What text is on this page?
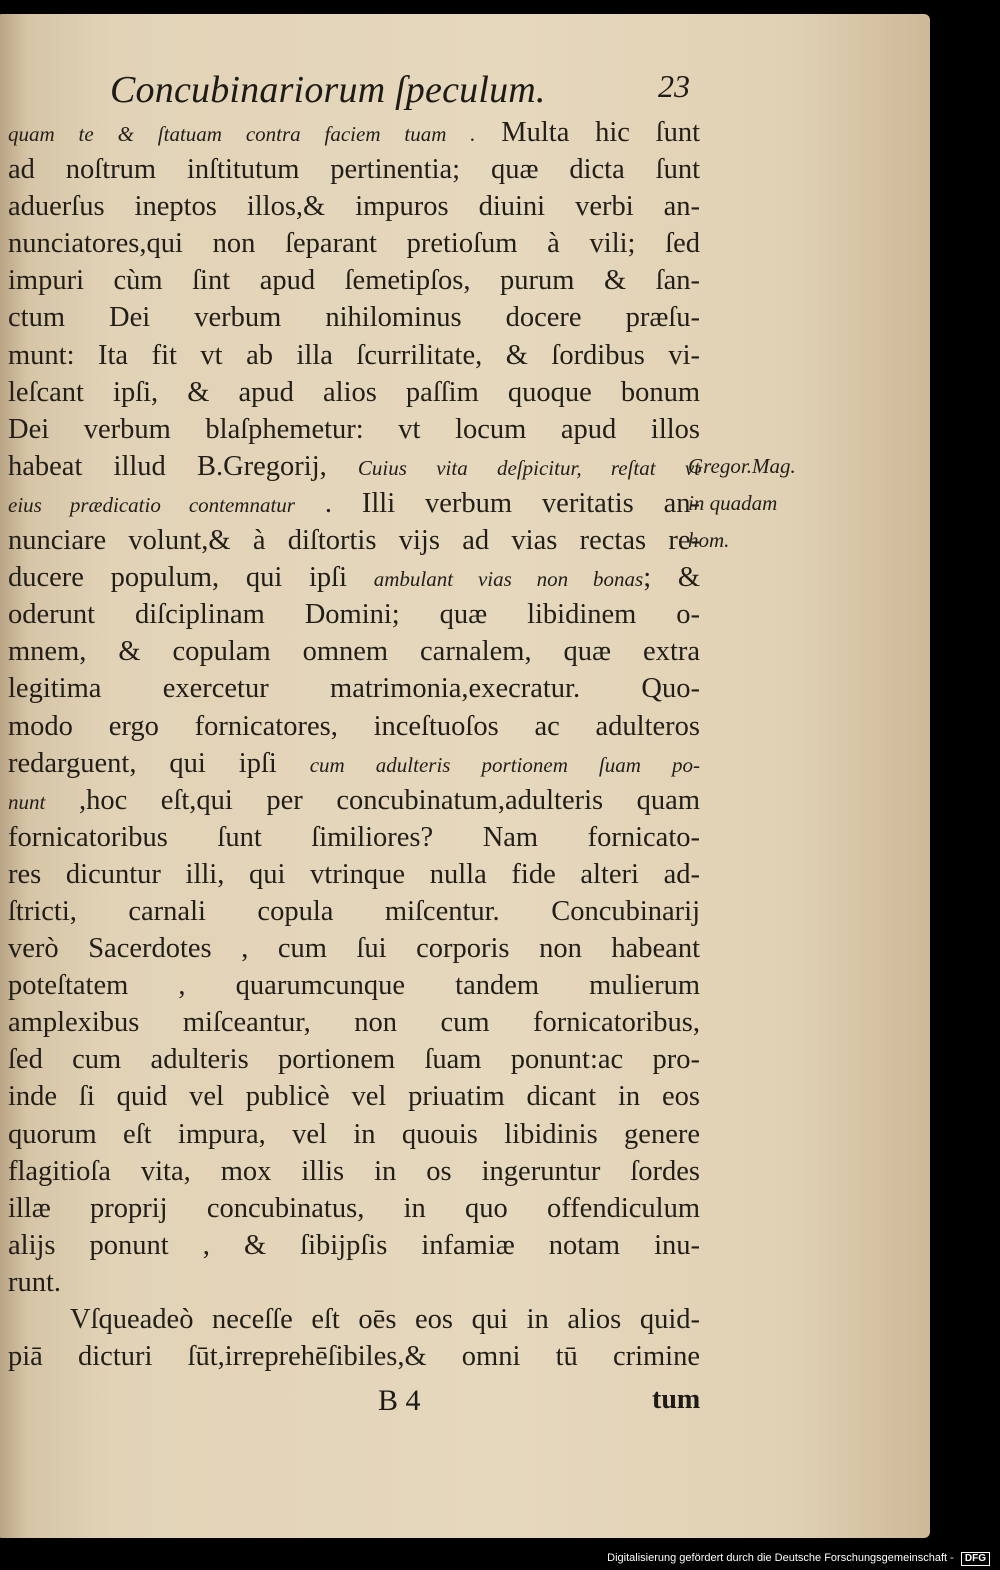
Concubinariorum ſpeculum.	23
quam te & ſtatuam contra faciem tuam . Multa hic ſunt
ad noſtrum inſtitutum pertinentia; quæ dicta ſunt
aduerſus ineptos illos,& impuros diuini verbi an-
nunciatores,qui non ſeparant pretioſum à vili; ſed
impuri cùm ſint apud ſemetipſos, purum & ſan-
ctum Dei verbum nihilominus docere præſu-
munt: Ita fit vt ab illa ſcurrilitate, & ſordibus vi-
leſcant ipſi, & apud alios paſſim quoque bonum
Dei verbum blaſphemetur: vt locum apud illos
habeat illud B.Gregorij, Cuius vita deſpicitur, reſtat vt
eius prædicatio contemnatur . Illi verbum veritatis an-
nunciare volunt,& à diſtortis vijs ad vias rectas re-
ducere populum, qui ipſi ambulant vias non bonas; &
oderunt diſciplinam Domini; quæ libidinem o-
mnem, & copulam omnem carnalem, quæ extra
legitima exercetur matrimonia,execratur. Quo-
modo ergo fornicatores, inceſtuoſos ac adulteros
redarguent, qui ipſi cum adulteris portionem ſuam po-
nunt ,hoc eſt,qui per concubinatum,adulteris quam
fornicatoribus ſunt ſimiliores? Nam fornicato-
res dicuntur illi, qui vtrinque nulla fide alteri ad-
ſtricti, carnali copula miſcentur. Concubinarij
verò Sacerdotes , cum ſui corporis non habeant
poteſtatem , quarumcunque tandem mulierum
amplexibus miſceantur, non cum fornicatoribus,
ſed cum adulteris portionem ſuam ponunt:ac pro-
inde ſi quid vel publicè vel priuatim dicant in eos
quorum eſt impura, vel in quouis libidinis genere
flagitioſa vita, mox illis in os ingeruntur ſordes
illæ proprij concubinatus, in quo offendiculum
alijs ponunt , & ſibijpſis infamiæ notam inu-
runt.
Vſqueadeò neceſſe eſt oēs eos qui in alios quid-
piā dicturi ſūt,irreprehēſibiles,& omni tū crimine
Gregor.Mag.
in quadam
hom.
B 4	tum
Digitalisierung gefördert durch die Deutsche Forschungsgemeinschaft - DFG
